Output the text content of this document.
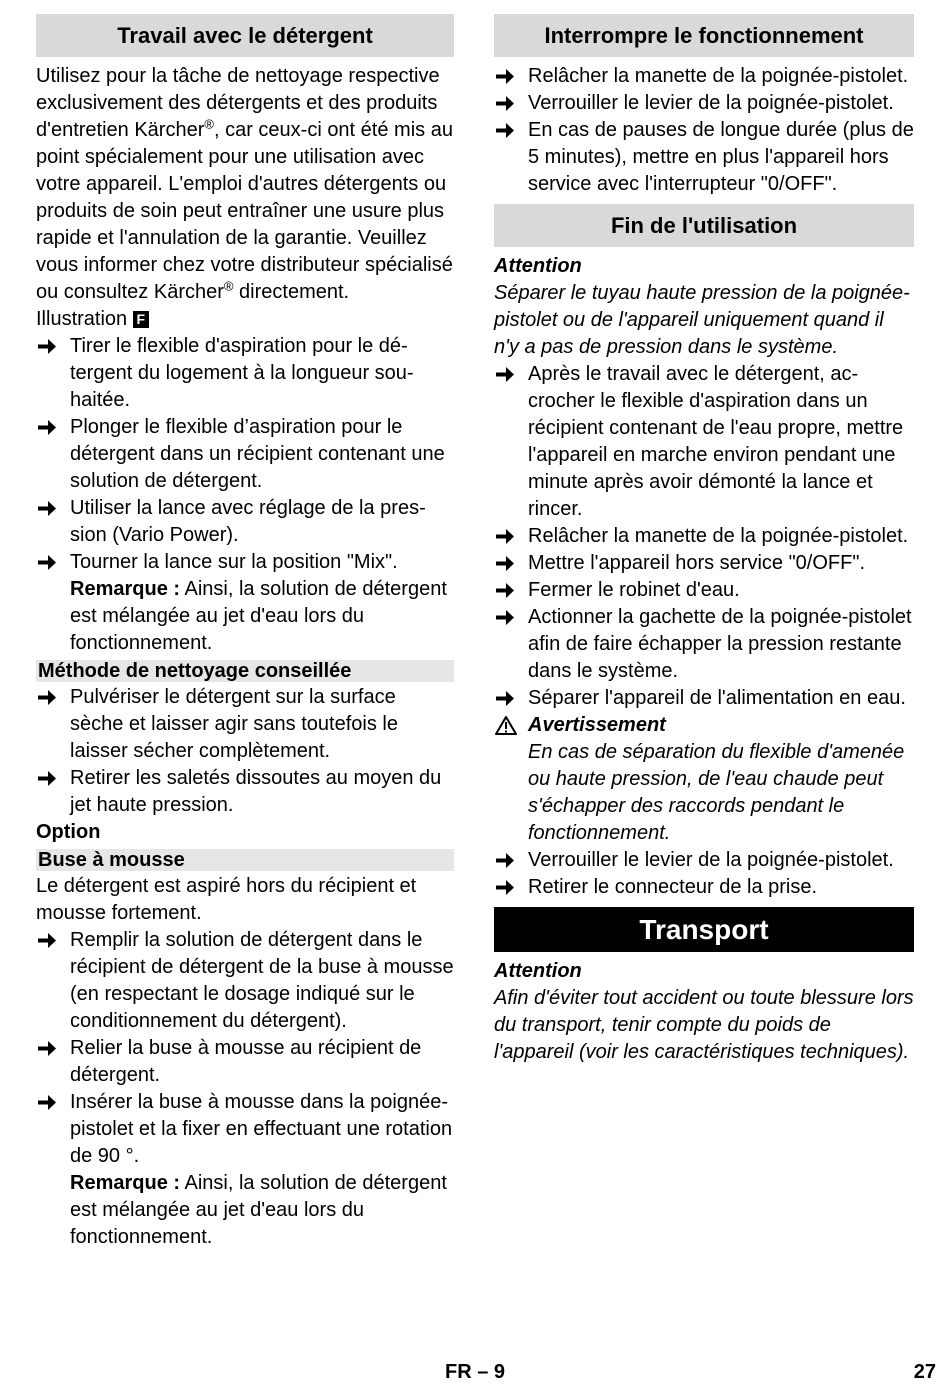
Travail avec le détergent

Utilisez pour la tâche de nettoyage respective exclusivement des détergents et des produits d'entretien Kärcher®, car ceux-ci ont été mis au point spécialement pour une utilisation avec votre appareil. L'emploi d'autres détergents ou produits de soin peut entraîner une usure plus rapide et l'annulation de la garantie. Veuillez vous informer chez votre distributeur spécialisé ou consultez Kärcher® directement.

Illustration F

Tirer le flexible d'aspiration pour le détergent du logement à la longueur souhaitée.
Plonger le flexible d’aspiration pour le détergent dans un récipient contenant une solution de détergent.
Utiliser la lance avec réglage de la pression (Vario Power).
Tourner la lance sur la position "Mix".

Remarque : Ainsi, la solution de détergent est mélangée au jet d'eau lors du fonctionnement.

Méthode de nettoyage conseillée
Pulvériser le détergent sur la surface sèche et laisser agir sans toutefois le laisser sécher complètement.
Retirer les saletés dissoutes au moyen du jet haute pression.

Option

Buse à mousse

Le détergent est aspiré hors du récipient et mousse fortement.

Remplir la solution de détergent dans le récipient de détergent de la buse à mousse (en respectant le dosage indiqué sur le conditionnement du détergent).
Relier la buse à mousse au récipient de détergent.
Insérer la buse à mousse dans la poignée-pistolet et la fixer en effectuant une rotation de 90 °.

Remarque : Ainsi, la solution de détergent est mélangée au jet d'eau lors du fonctionnement.

Interrompre le fonctionnement
Relâcher la manette de la poignée-pistolet.
Verrouiller le levier de la poignée-pistolet.
En cas de pauses de longue durée (plus de 5 minutes), mettre en plus l'appareil hors service avec l'interrupteur "0/OFF".
Fin de l'utilisation

Attention

Séparer le tuyau haute pression de la poignée-pistolet ou de l'appareil uniquement quand il n'y a pas de pression dans le système.

Après le travail avec le détergent, accrocher le flexible d'aspiration dans un récipient contenant de l'eau propre, mettre l'appareil en marche environ pendant une minute après avoir démonté la lance et rincer.
Relâcher la manette de la poignée-pistolet.
Mettre l'appareil hors service "0/OFF".
Fermer le robinet d'eau.
Actionner la gachette de la poignée-pistolet afin de faire échapper la pression restante dans le système.
Séparer l'appareil de l'alimentation en eau.

Avertissement

En cas de séparation du flexible d'amenée ou haute pression, de l'eau chaude peut s'échapper des raccords pendant le fonctionnement.

Verrouiller le levier de la poignée-pistolet.
Retirer le connecteur de la prise.
Transport

Attention

Afin d'éviter tout accident ou toute blessure lors du transport, tenir compte du poids de l'appareil (voir les caractéristiques techniques).

FR – 9	27
